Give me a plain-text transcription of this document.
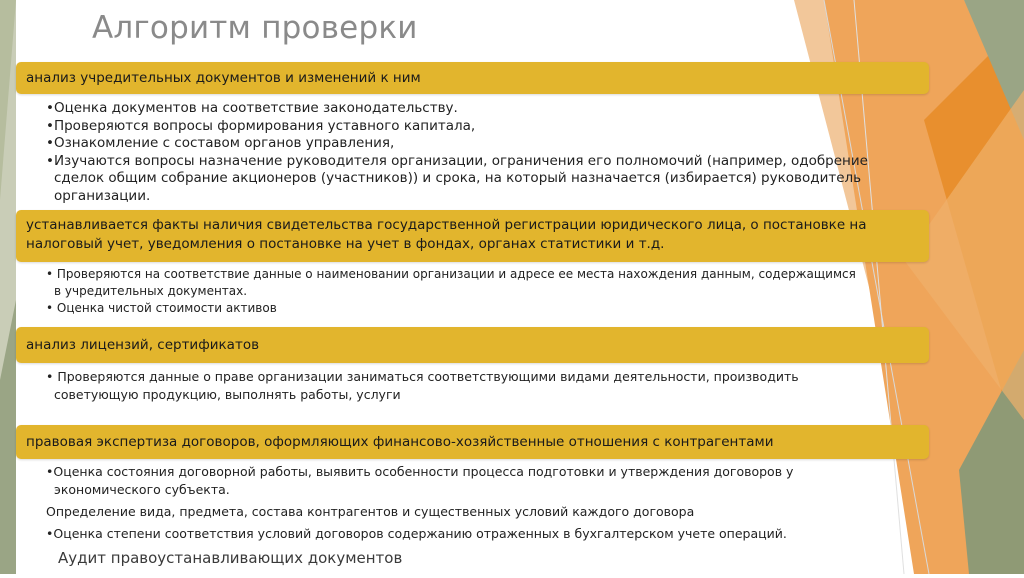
Алгоритм проверки
анализ учредительных документов и изменений к ним
•Оценка документов на соответствие законодательству.
•Проверяются вопросы формирования уставного капитала,
•Ознакомление с составом органов управления,
•Изучаются вопросы назначение руководителя организации, ограничения его полномочий (например, одобрение
сделок общим собрание акционеров (участников)) и срока, на который назначается (избирается) руководитель
организации.
устанавливается факты наличия свидетельства государственной регистрации юридического лица, о постановке на
налоговый учет, уведомления о постановке на учет в фондах, органах статистики и т.д.
• Проверяются на соответствие данные о наименовании организации и адресе ее места нахождения данным, содержащимся
в учредительных документах.
• Оценка чистой стоимости активов
анализ лицензий, сертификатов
• Проверяются данные о праве организации заниматься соответствующими видами деятельности, производить
советующую продукцию, выполнять работы, услуги
правовая экспертиза договоров, оформляющих финансово-хозяйственные отношения с контрагентами
•Оценка состояния договорной работы, выявить особенности процесса подготовки и утверждения договоров у
экономического субъекта.
Определение вида, предмета, состава контрагентов и существенных условий каждого договора
•Оценка степени соответствия условий договоров содержанию отраженных в бухгалтерском учете операций.
Аудит правоустанавливающих документов
